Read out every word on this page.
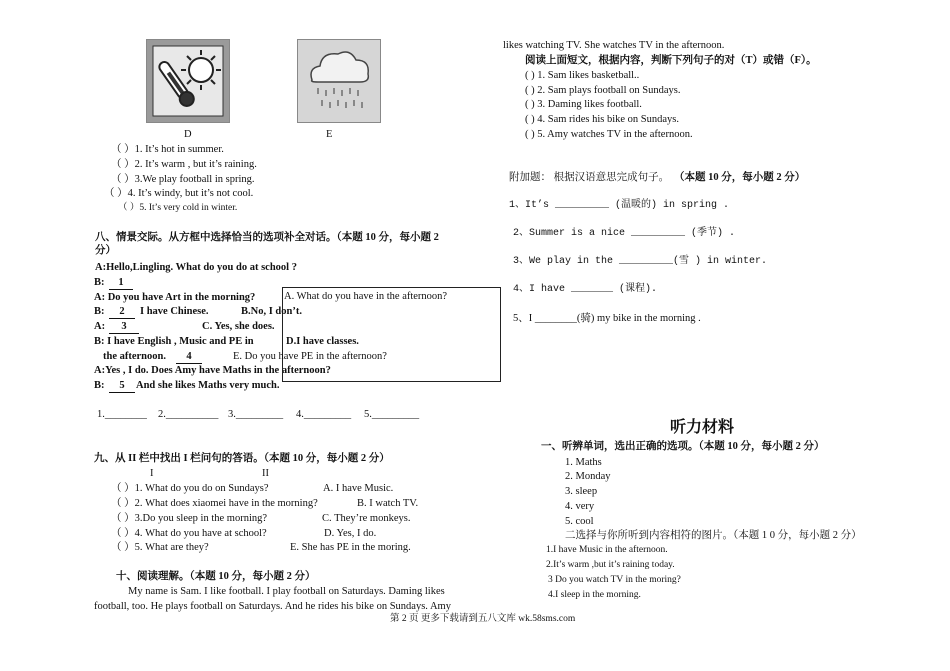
D	E
（ ）1. It’s hot in summer.
（ ）2. It’s warm , but it’s raining.
（ ）3.We play football in spring.
（ ）4. It’s windy, but it’s not cool.
（ ）5. It’s very cold in winter.
八、情景交际。从方框中选择恰当的选项补全对话。（本题 10 分，每小题 2
分）
A:Hello,Lingling. What do you do at school ?
B:	1
A: Do you have Art in the morning?
B:	2	I have Chinese.
A:	3
B: I have English , Music and PE in
the afternoon.	4
A:Yes , I do. Does Amy have Maths in the afternoon?
B:	5	And she likes Maths very much.
A. What do you have in the afternoon?
B.No, I don’t.
C. Yes, she does.
D.I have classes.
E. Do you have PE in the afternoon?
1.________ 2.__________ 3._________ 4._________ 5._________
九、从 II 栏中找出 I 栏问句的答语。（本题 10 分，每小题 2 分）
I	II
（ ）1. What do you do on Sundays?	A. I have Music.
（ ）2. What does xiaomei have in the morning?	B. I watch TV.
（ ）3.Do you sleep in the morning?	C. They’re monkeys.
（ ）4. What do you have at school?	D. Yes, I do.
（ ）5. What are they?	E. She has PE in the moring.
十、阅读理解。（本题 10 分，每小题 2 分）
My name is Sam. I like football. I play football on Saturdays. Daming likes
football, too. He plays football on Saturdays. And he rides his bike on Sundays. Amy
likes watching TV. She watches TV in the afternoon.
阅读上面短文，根据内容，判断下列句子的对（T）或错（F）。
( ) 1. Sam likes basketball..
( ) 2. Sam plays football on Sundays.
( ) 3. Daming likes football.
( ) 4. Sam rides his bike on Sundays.
( ) 5. Amy watches TV in the afternoon.
附加题： 根据汉语意思完成句子。 （本题 10 分，每小题 2 分）
1、It’s _________ (温暖的) in spring .
2、Summer is a nice _________ (季节) .
3、We play in the _________(雪 ) in winter.
4、I have _______ (课程).
5、I ________(骑) my bike in the morning .
听力材料
一、听辨单词，选出正确的选项。（本题 10 分，每小题 2 分）
1. Maths
2. Monday
3. sleep
4. very
5. cool
二选择与你所听到内容相符的图片。（本题 1 0 分，每小题 2 分）
1.I have Music in the afternoon.
2.It’s warm ,but it’s raining today.
3 Do you watch TV in the moring?
4.I sleep in the morning.
第 2 页 更多下载请到五八文库 wk.58sms.com
